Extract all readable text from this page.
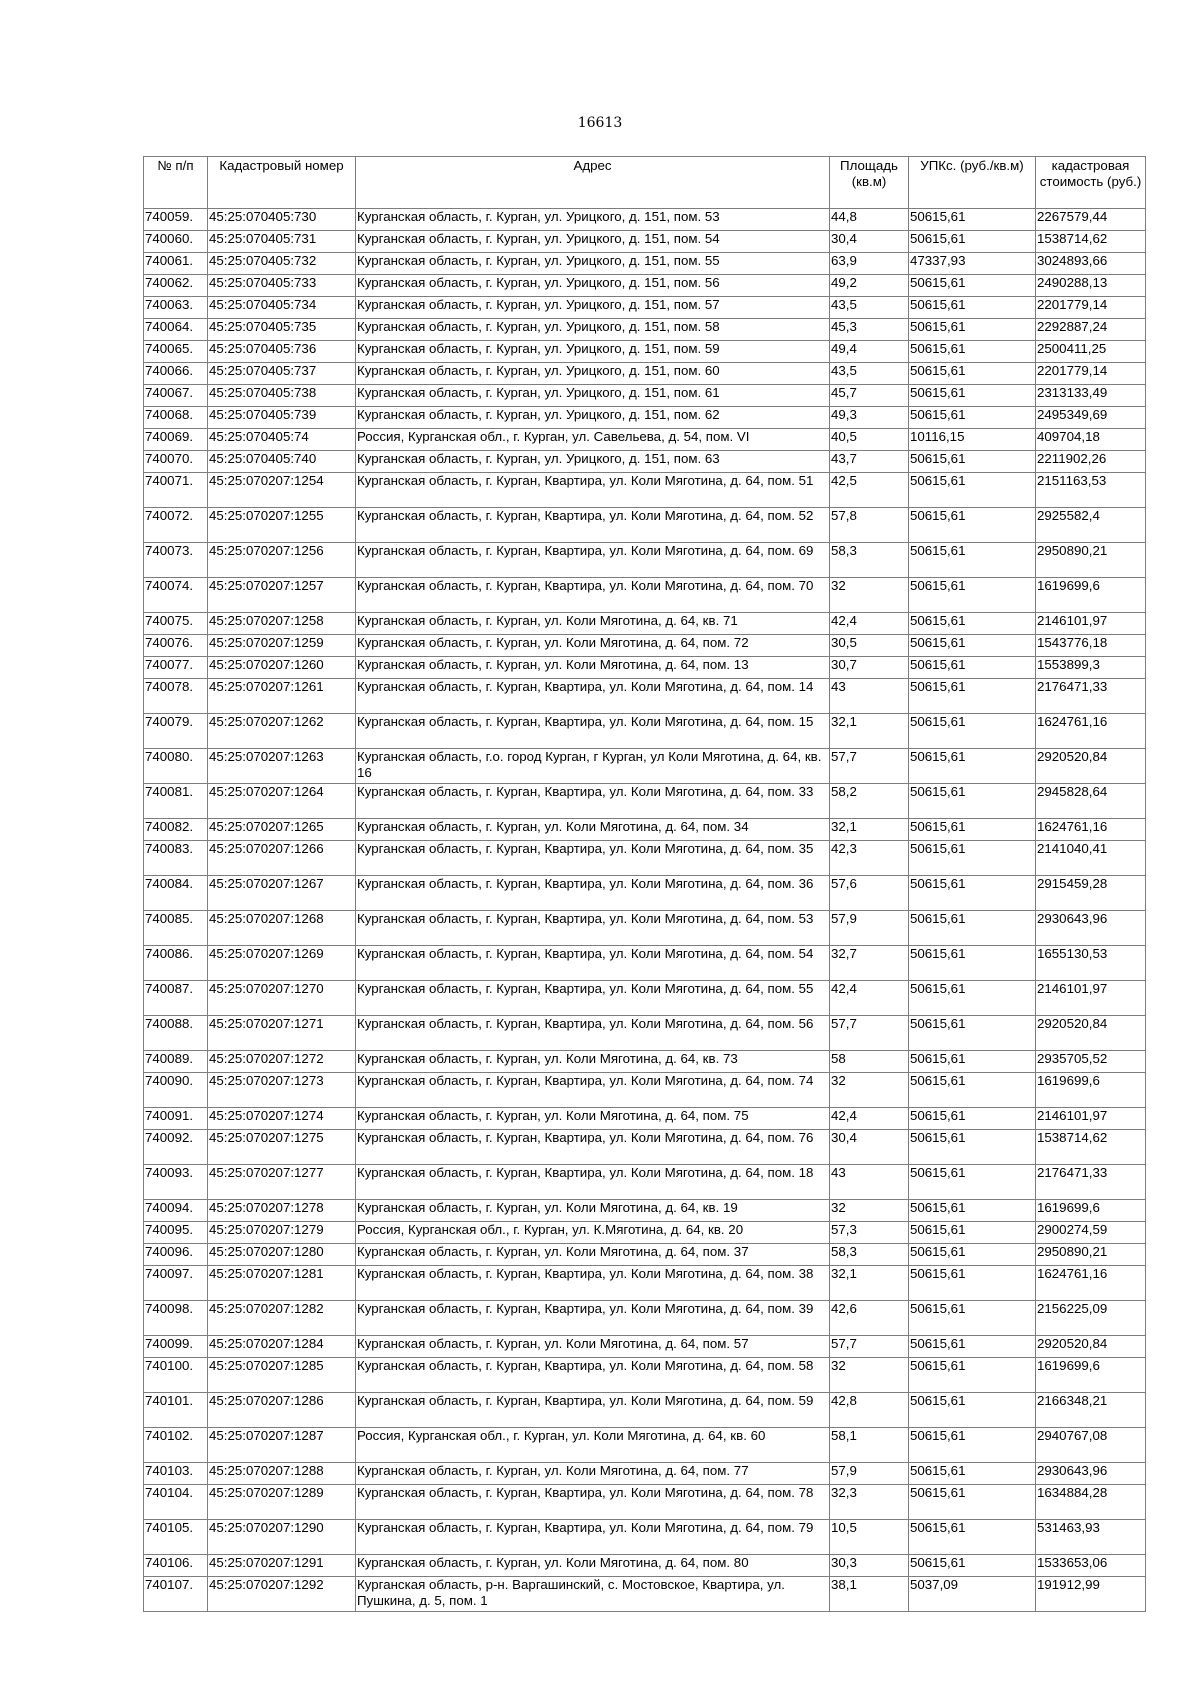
16613
№ п/п	Кадастровый номер	Адрес	Площадь (кв.м)	УПКс. (руб./кв.м)	кадастровая стоимость (руб.)
740059.	45:25:070405:730	Курганская область, г. Курган, ул. Урицкого, д. 151, пом. 53	44,8	50615,61	2267579,44
740060.	45:25:070405:731	Курганская область, г. Курган, ул. Урицкого, д. 151, пом. 54	30,4	50615,61	1538714,62
740061.	45:25:070405:732	Курганская область, г. Курган, ул. Урицкого, д. 151, пом. 55	63,9	47337,93	3024893,66
740062.	45:25:070405:733	Курганская область, г. Курган, ул. Урицкого, д. 151, пом. 56	49,2	50615,61	2490288,13
740063.	45:25:070405:734	Курганская область, г. Курган, ул. Урицкого, д. 151, пом. 57	43,5	50615,61	2201779,14
740064.	45:25:070405:735	Курганская область, г. Курган, ул. Урицкого, д. 151, пом. 58	45,3	50615,61	2292887,24
740065.	45:25:070405:736	Курганская область, г. Курган, ул. Урицкого, д. 151, пом. 59	49,4	50615,61	2500411,25
740066.	45:25:070405:737	Курганская область, г. Курган, ул. Урицкого, д. 151, пом. 60	43,5	50615,61	2201779,14
740067.	45:25:070405:738	Курганская область, г. Курган, ул. Урицкого, д. 151, пом. 61	45,7	50615,61	2313133,49
740068.	45:25:070405:739	Курганская область, г. Курган, ул. Урицкого, д. 151, пом. 62	49,3	50615,61	2495349,69
740069.	45:25:070405:74	Россия, Курганская обл., г. Курган, ул. Савельева, д. 54, пом. VI	40,5	10116,15	409704,18
740070.	45:25:070405:740	Курганская область, г. Курган, ул. Урицкого, д. 151, пом. 63	43,7	50615,61	2211902,26
740071.	45:25:070207:1254	Курганская область, г. Курган, Квартира, ул. Коли Мяготина, д. 64, пом. 51	42,5	50615,61	2151163,53
740072.	45:25:070207:1255	Курганская область, г. Курган, Квартира, ул. Коли Мяготина, д. 64, пом. 52	57,8	50615,61	2925582,4
740073.	45:25:070207:1256	Курганская область, г. Курган, Квартира, ул. Коли Мяготина, д. 64, пом. 69	58,3	50615,61	2950890,21
740074.	45:25:070207:1257	Курганская область, г. Курган, Квартира, ул. Коли Мяготина, д. 64, пом. 70	32	50615,61	1619699,6
740075.	45:25:070207:1258	Курганская область, г. Курган, ул. Коли Мяготина, д. 64, кв. 71	42,4	50615,61	2146101,97
740076.	45:25:070207:1259	Курганская область, г. Курган, ул. Коли Мяготина, д. 64, пом. 72	30,5	50615,61	1543776,18
740077.	45:25:070207:1260	Курганская область, г. Курган, ул. Коли Мяготина, д. 64, пом. 13	30,7	50615,61	1553899,3
740078.	45:25:070207:1261	Курганская область, г. Курган, Квартира, ул. Коли Мяготина, д. 64, пом. 14	43	50615,61	2176471,33
740079.	45:25:070207:1262	Курганская область, г. Курган, Квартира, ул. Коли Мяготина, д. 64, пом. 15	32,1	50615,61	1624761,16
740080.	45:25:070207:1263	Курганская область, г.о. город Курган, г Курган, ул Коли Мяготина, д. 64, кв. 16	57,7	50615,61	2920520,84
740081.	45:25:070207:1264	Курганская область, г. Курган, Квартира, ул. Коли Мяготина, д. 64, пом. 33	58,2	50615,61	2945828,64
740082.	45:25:070207:1265	Курганская область, г. Курган, ул. Коли Мяготина, д. 64, пом. 34	32,1	50615,61	1624761,16
740083.	45:25:070207:1266	Курганская область, г. Курган, Квартира, ул. Коли Мяготина, д. 64, пом. 35	42,3	50615,61	2141040,41
740084.	45:25:070207:1267	Курганская область, г. Курган, Квартира, ул. Коли Мяготина, д. 64, пом. 36	57,6	50615,61	2915459,28
740085.	45:25:070207:1268	Курганская область, г. Курган, Квартира, ул. Коли Мяготина, д. 64, пом. 53	57,9	50615,61	2930643,96
740086.	45:25:070207:1269	Курганская область, г. Курган, Квартира, ул. Коли Мяготина, д. 64, пом. 54	32,7	50615,61	1655130,53
740087.	45:25:070207:1270	Курганская область, г. Курган, Квартира, ул. Коли Мяготина, д. 64, пом. 55	42,4	50615,61	2146101,97
740088.	45:25:070207:1271	Курганская область, г. Курган, Квартира, ул. Коли Мяготина, д. 64, пом. 56	57,7	50615,61	2920520,84
740089.	45:25:070207:1272	Курганская область, г. Курган, ул. Коли Мяготина, д. 64, кв. 73	58	50615,61	2935705,52
740090.	45:25:070207:1273	Курганская область, г. Курган, Квартира, ул. Коли Мяготина, д. 64, пом. 74	32	50615,61	1619699,6
740091.	45:25:070207:1274	Курганская область, г. Курган, ул. Коли Мяготина, д. 64, пом. 75	42,4	50615,61	2146101,97
740092.	45:25:070207:1275	Курганская область, г. Курган, Квартира, ул. Коли Мяготина, д. 64, пом. 76	30,4	50615,61	1538714,62
740093.	45:25:070207:1277	Курганская область, г. Курган, Квартира, ул. Коли Мяготина, д. 64, пом. 18	43	50615,61	2176471,33
740094.	45:25:070207:1278	Курганская область, г. Курган, ул. Коли Мяготина, д. 64, кв. 19	32	50615,61	1619699,6
740095.	45:25:070207:1279	Россия, Курганская обл., г. Курган, ул. К.Мяготина, д. 64, кв. 20	57,3	50615,61	2900274,59
740096.	45:25:070207:1280	Курганская область, г. Курган, ул. Коли Мяготина, д. 64, пом. 37	58,3	50615,61	2950890,21
740097.	45:25:070207:1281	Курганская область, г. Курган, Квартира, ул. Коли Мяготина, д. 64, пом. 38	32,1	50615,61	1624761,16
740098.	45:25:070207:1282	Курганская область, г. Курган, Квартира, ул. Коли Мяготина, д. 64, пом. 39	42,6	50615,61	2156225,09
740099.	45:25:070207:1284	Курганская область, г. Курган, ул. Коли Мяготина, д. 64, пом. 57	57,7	50615,61	2920520,84
740100.	45:25:070207:1285	Курганская область, г. Курган, Квартира, ул. Коли Мяготина, д. 64, пом. 58	32	50615,61	1619699,6
740101.	45:25:070207:1286	Курганская область, г. Курган, Квартира, ул. Коли Мяготина, д. 64, пом. 59	42,8	50615,61	2166348,21
740102.	45:25:070207:1287	Россия, Курганская обл., г. Курган, ул. Коли Мяготина, д. 64, кв. 60	58,1	50615,61	2940767,08
740103.	45:25:070207:1288	Курганская область, г. Курган, ул. Коли Мяготина, д. 64, пом. 77	57,9	50615,61	2930643,96
740104.	45:25:070207:1289	Курганская область, г. Курган, Квартира, ул. Коли Мяготина, д. 64, пом. 78	32,3	50615,61	1634884,28
740105.	45:25:070207:1290	Курганская область, г. Курган, Квартира, ул. Коли Мяготина, д. 64, пом. 79	10,5	50615,61	531463,93
740106.	45:25:070207:1291	Курганская область, г. Курган, ул. Коли Мяготина, д. 64, пом. 80	30,3	50615,61	1533653,06
740107.	45:25:070207:1292	Курганская область, р-н. Варгашинский, с. Мостовское, Квартира, ул. Пушкина, д. 5, пом. 1	38,1	5037,09	191912,99
